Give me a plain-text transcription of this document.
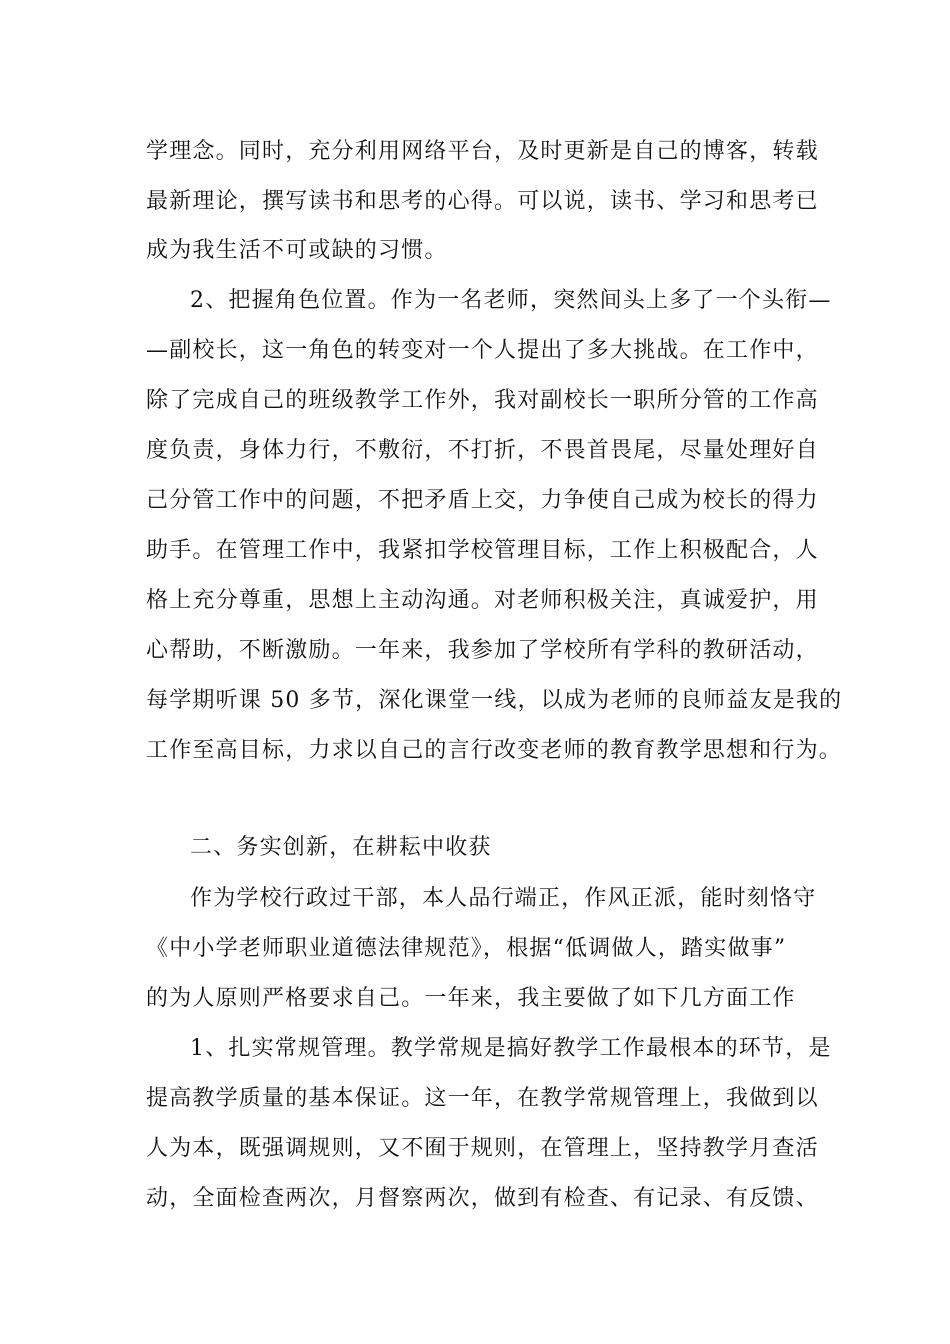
学理念。同时，充分利用网络平台，及时更新是自己的博客，转载
最新理论，撰写读书和思考的心得。可以说，读书、学习和思考已
成为我生活不可或缺的习惯。
2、把握角色位置。作为一名老师，突然间头上多了一个头衔—
—副校长，这一角色的转变对一个人提出了多大挑战。在工作中，
除了完成自己的班级教学工作外，我对副校长一职所分管的工作高
度负责，身体力行，不敷衍，不打折，不畏首畏尾，尽量处理好自
己分管工作中的问题，不把矛盾上交，力争使自己成为校长的得力
助手。在管理工作中，我紧扣学校管理目标，工作上积极配合，人
格上充分尊重，思想上主动沟通。对老师积极关注，真诚爱护，用
心帮助，不断激励。一年来，我参加了学校所有学科的教研活动，
每学期听课 50 多节，深化课堂一线，以成为老师的良师益友是我的
工作至高目标，力求以自己的言行改变老师的教育教学思想和行为。
二、务实创新，在耕耘中收获
作为学校行政过干部，本人品行端正，作风正派，能时刻恪守
《中小学老师职业道德法律规范》，根据“低调做人，踏实做事”
的为人原则严格要求自己。一年来，我主要做了如下几方面工作
1、扎实常规管理。教学常规是搞好教学工作最根本的环节，是
提高教学质量的基本保证。这一年，在教学常规管理上，我做到以
人为本，既强调规则，又不囿于规则，在管理上，坚持教学月查活
动，全面检查两次，月督察两次，做到有检查、有记录、有反馈、
